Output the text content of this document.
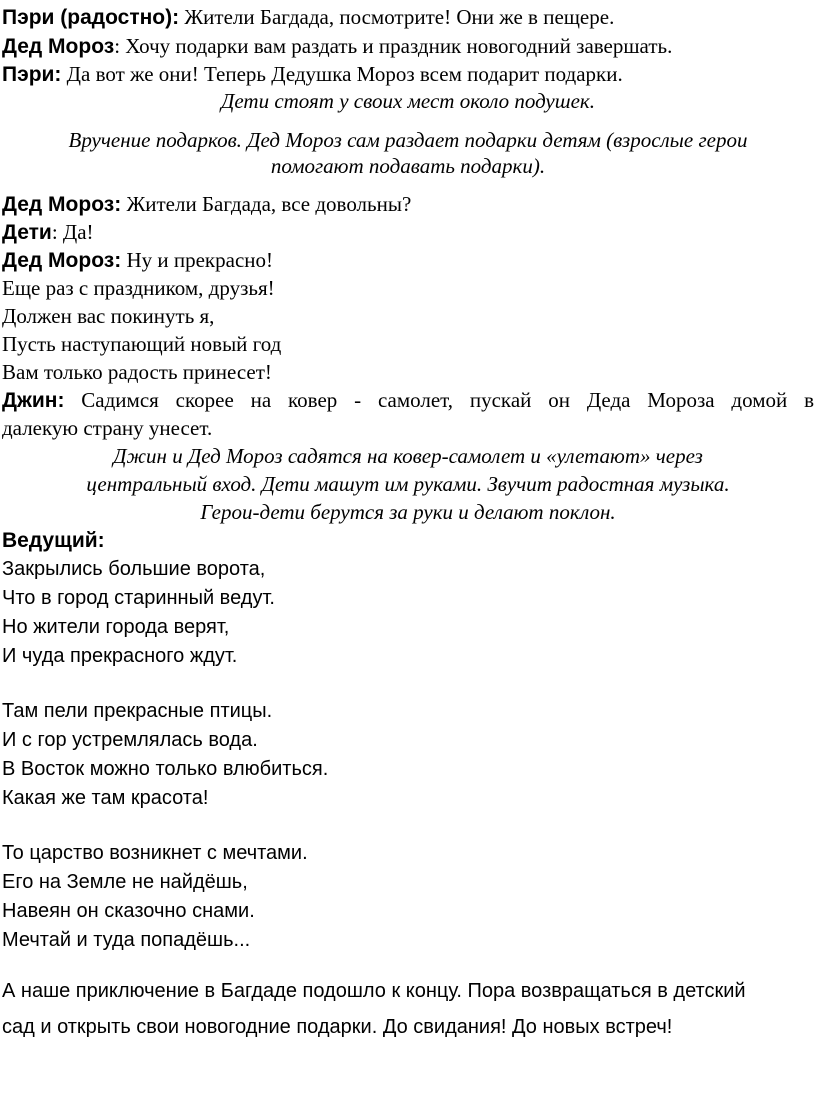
Пэри (радостно): Жители Багдада, посмотрите! Они же в пещере.
Дед Мороз: Хочу подарки вам раздать и праздник новогодний завершать.
Пэри: Да вот же они! Теперь Дедушка Мороз всем подарит подарки.
Дети стоят у своих мест около подушек.
Вручение подарков. Дед Мороз сам раздает подарки детям (взрослые герои
помогают подавать подарки).
Дед Мороз: Жители Багдада, все довольны?
Дети: Да!
Дед Мороз: Ну и прекрасно!
Еще раз с праздником, друзья!
Должен вас покинуть я,
Пусть наступающий новый год
Вам только радость принесет!
Джин: Садимся скорее на ковер - самолет, пускай он Деда Мороза домой в
далекую страну унесет.
Джин и Дед Мороз садятся на ковер-самолет и «улетают» через
центральный вход. Дети машут им руками. Звучит радостная музыка.
Герои-дети берутся за руки и делают поклон.
Ведущий:
Закрылись большие ворота,
Что в город старинный ведут.
Но жители города верят,
И чуда прекрасного ждут.
Там пели прекрасные птицы.
И с гор устремлялась вода.
В Восток можно только влюбиться.
Какая же там красота!
То царство возникнет с мечтами.
Его на Земле не найдёшь,
Навеян он сказочно снами.
Мечтай и туда попадёшь...
А наше приключение в Багдаде подошло к концу. Пора возвращаться в детский сад и открыть свои новогодние подарки. До свидания! До новых встреч!
